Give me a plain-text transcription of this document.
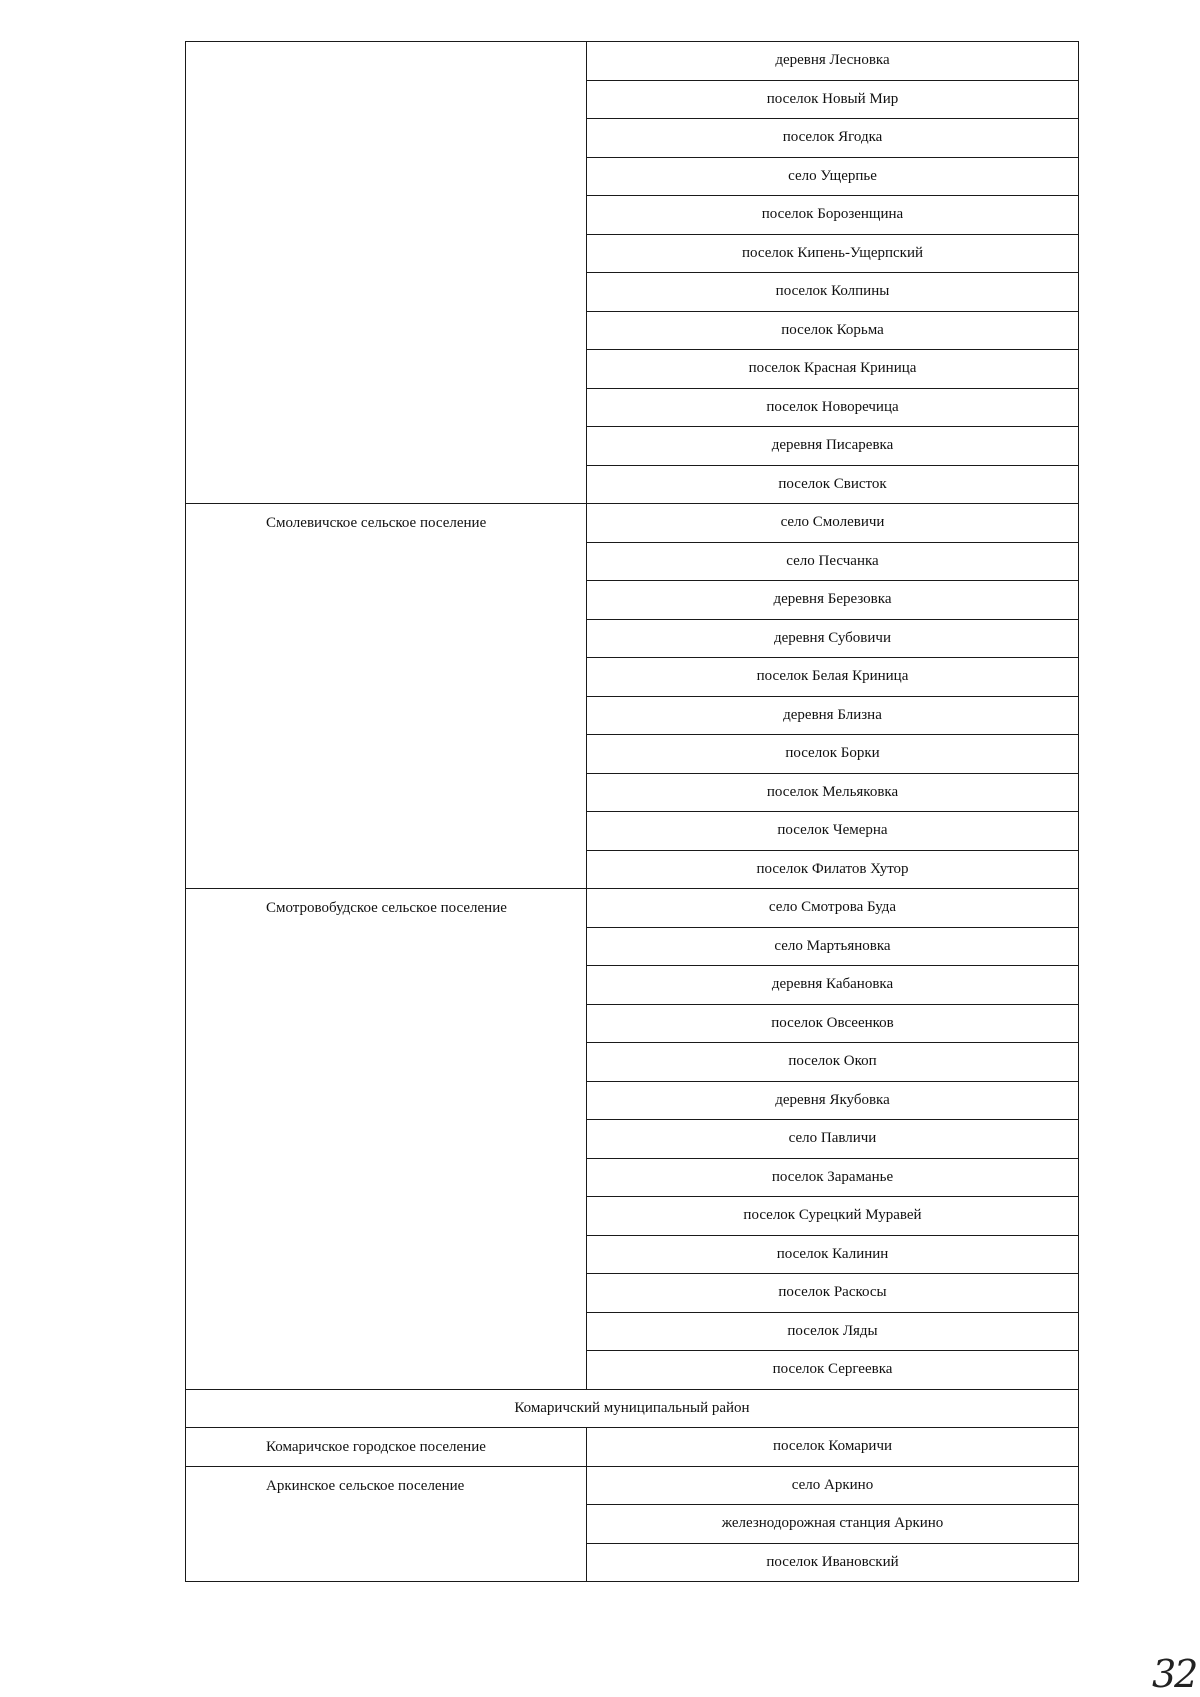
	деревня Лесновка
	поселок Новый Мир
	поселок Ягодка
	село Ущерпье
	поселок Борозенщина
	поселок Кипень-Ущерпский
	поселок Колпины
	поселок Корьма
	поселок Красная Криница
	поселок Новоречица
	деревня Писаревка
	поселок Свисток

Смолевичское сельское поселение	село Смолевичи
	село Песчанка
	деревня Березовка
	деревня Субовичи
	поселок Белая Криница
	деревня Близна
	поселок Борки
	поселок Мельяковка
	поселок Чемерна
	поселок Филатов Хутор

Смотровобудское сельское поселение	село Смотрова Буда
	село Мартьяновка
	деревня Кабановка
	поселок Овсеенков
	поселок Окоп
	деревня Якубовка
	село Павличи
	поселок Зараманье
	поселок Сурецкий Муравей
	поселок Калинин
	поселок Раскосы
	поселок Ляды
	поселок Сергеевка
Комаричский муниципальный район	

Комаричское городское поселение	поселок Комаричи

Аркинское сельское поселение	село Аркино
	железнодорожная станция Аркино
	поселок Ивановский
32
